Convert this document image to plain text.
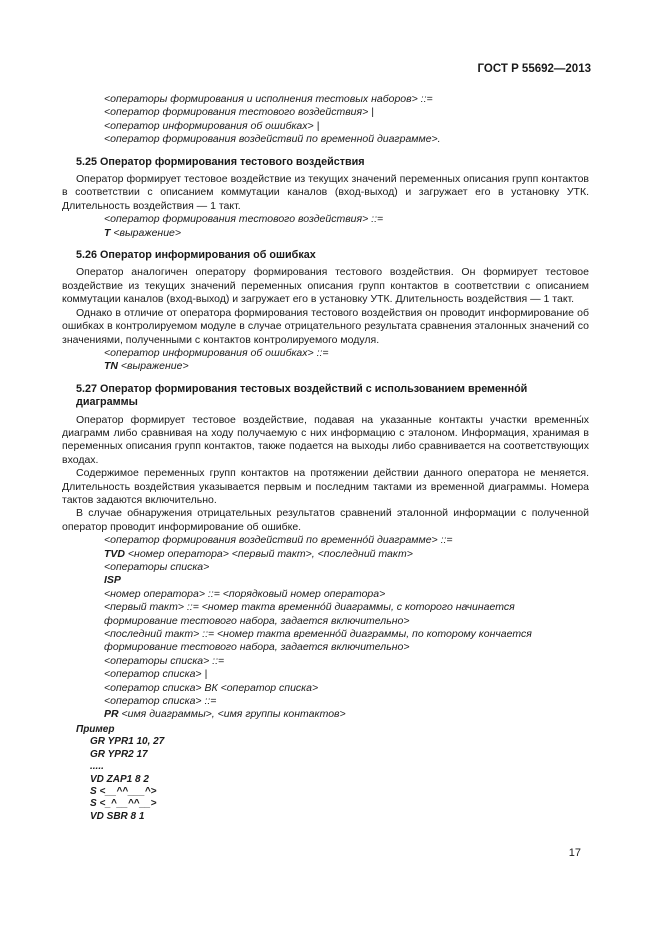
ГОСТ Р 55692—2013
<операторы формирования и исполнения тестовых наборов> ::=
<оператор формирования тестового воздействия> |
<оператор информирования об ошибках> |
<оператор формирования воздействий по временной диаграмме>.
5.25 Оператор формирования тестового воздействия
Оператор формирует тестовое воздействие из текущих значений переменных описания групп контактов в соответствии с описанием коммутации каналов (вход-выход) и загружает его в установку УТК. Длительность воздействия — 1 такт.
<оператор формирования тестового воздействия> ::=
T <выражение>
5.26 Оператор информирования об ошибках
Оператор аналогичен оператору формирования тестового воздействия. Он формирует тестовое воздействие из текущих значений переменных описания групп контактов в соответствии с описанием коммутации каналов (вход-выход) и загружает его в установку УТК. Длительность воздействия — 1 такт.
Однако в отличие от оператора формирования тестового воздействия он проводит информирование об ошибках в контролируемом модуле в случае отрицательного результата сравнения эталонных значений со значениями, полученными с контактов контролируемого модуля.
<оператор информирования об ошибках> ::=
TN <выражение>
5.27 Оператор формирования тестовых воздействий с использованием временно́й диаграммы
Оператор формирует тестовое воздействие, подавая на указанные контакты участки временны́х диаграмм либо сравнивая на ходу получаемую с них информацию с эталоном. Информация, хранимая в переменных описания групп контактов, также подается на выходы либо сравнивается на соответствующих входах.
Содержимое переменных групп контактов на протяжении действии данного оператора не меняется. Длительность воздействия указывается первым и последним тактами из временной диаграммы. Номера тактов задаются включительно.
В случае обнаружения отрицательных результатов сравнений эталонной информации с полученной оператор проводит информирование об ошибке.
<оператор формирования воздействий по временно́й диаграмме> ::=
TVD <номер оператора> <первый такт>, <последний такт>
<операторы списка>
ISP
<номер оператора> ::= <порядковый номер оператора>
<первый такт> ::= <номер такта временно́й диаграммы, с которого начинается формирование тестового набора, задается включительно>
<последний такт> ::= <номер такта временно́й диаграммы, по которому кончается формирование тестового набора, задается включительно>
<операторы списка> ::=
<оператор списка> |
<оператор списка> ВК <оператор списка>
<оператор списка> ::=
PR <имя диаграммы>, <имя группы контактов>
Пример
GR YPR1 10, 27
GR YPR2 17
.....
VD ZAP1 8 2
S <__^^___^>
S <_^__^^__>
VD SBR 8 1
17
